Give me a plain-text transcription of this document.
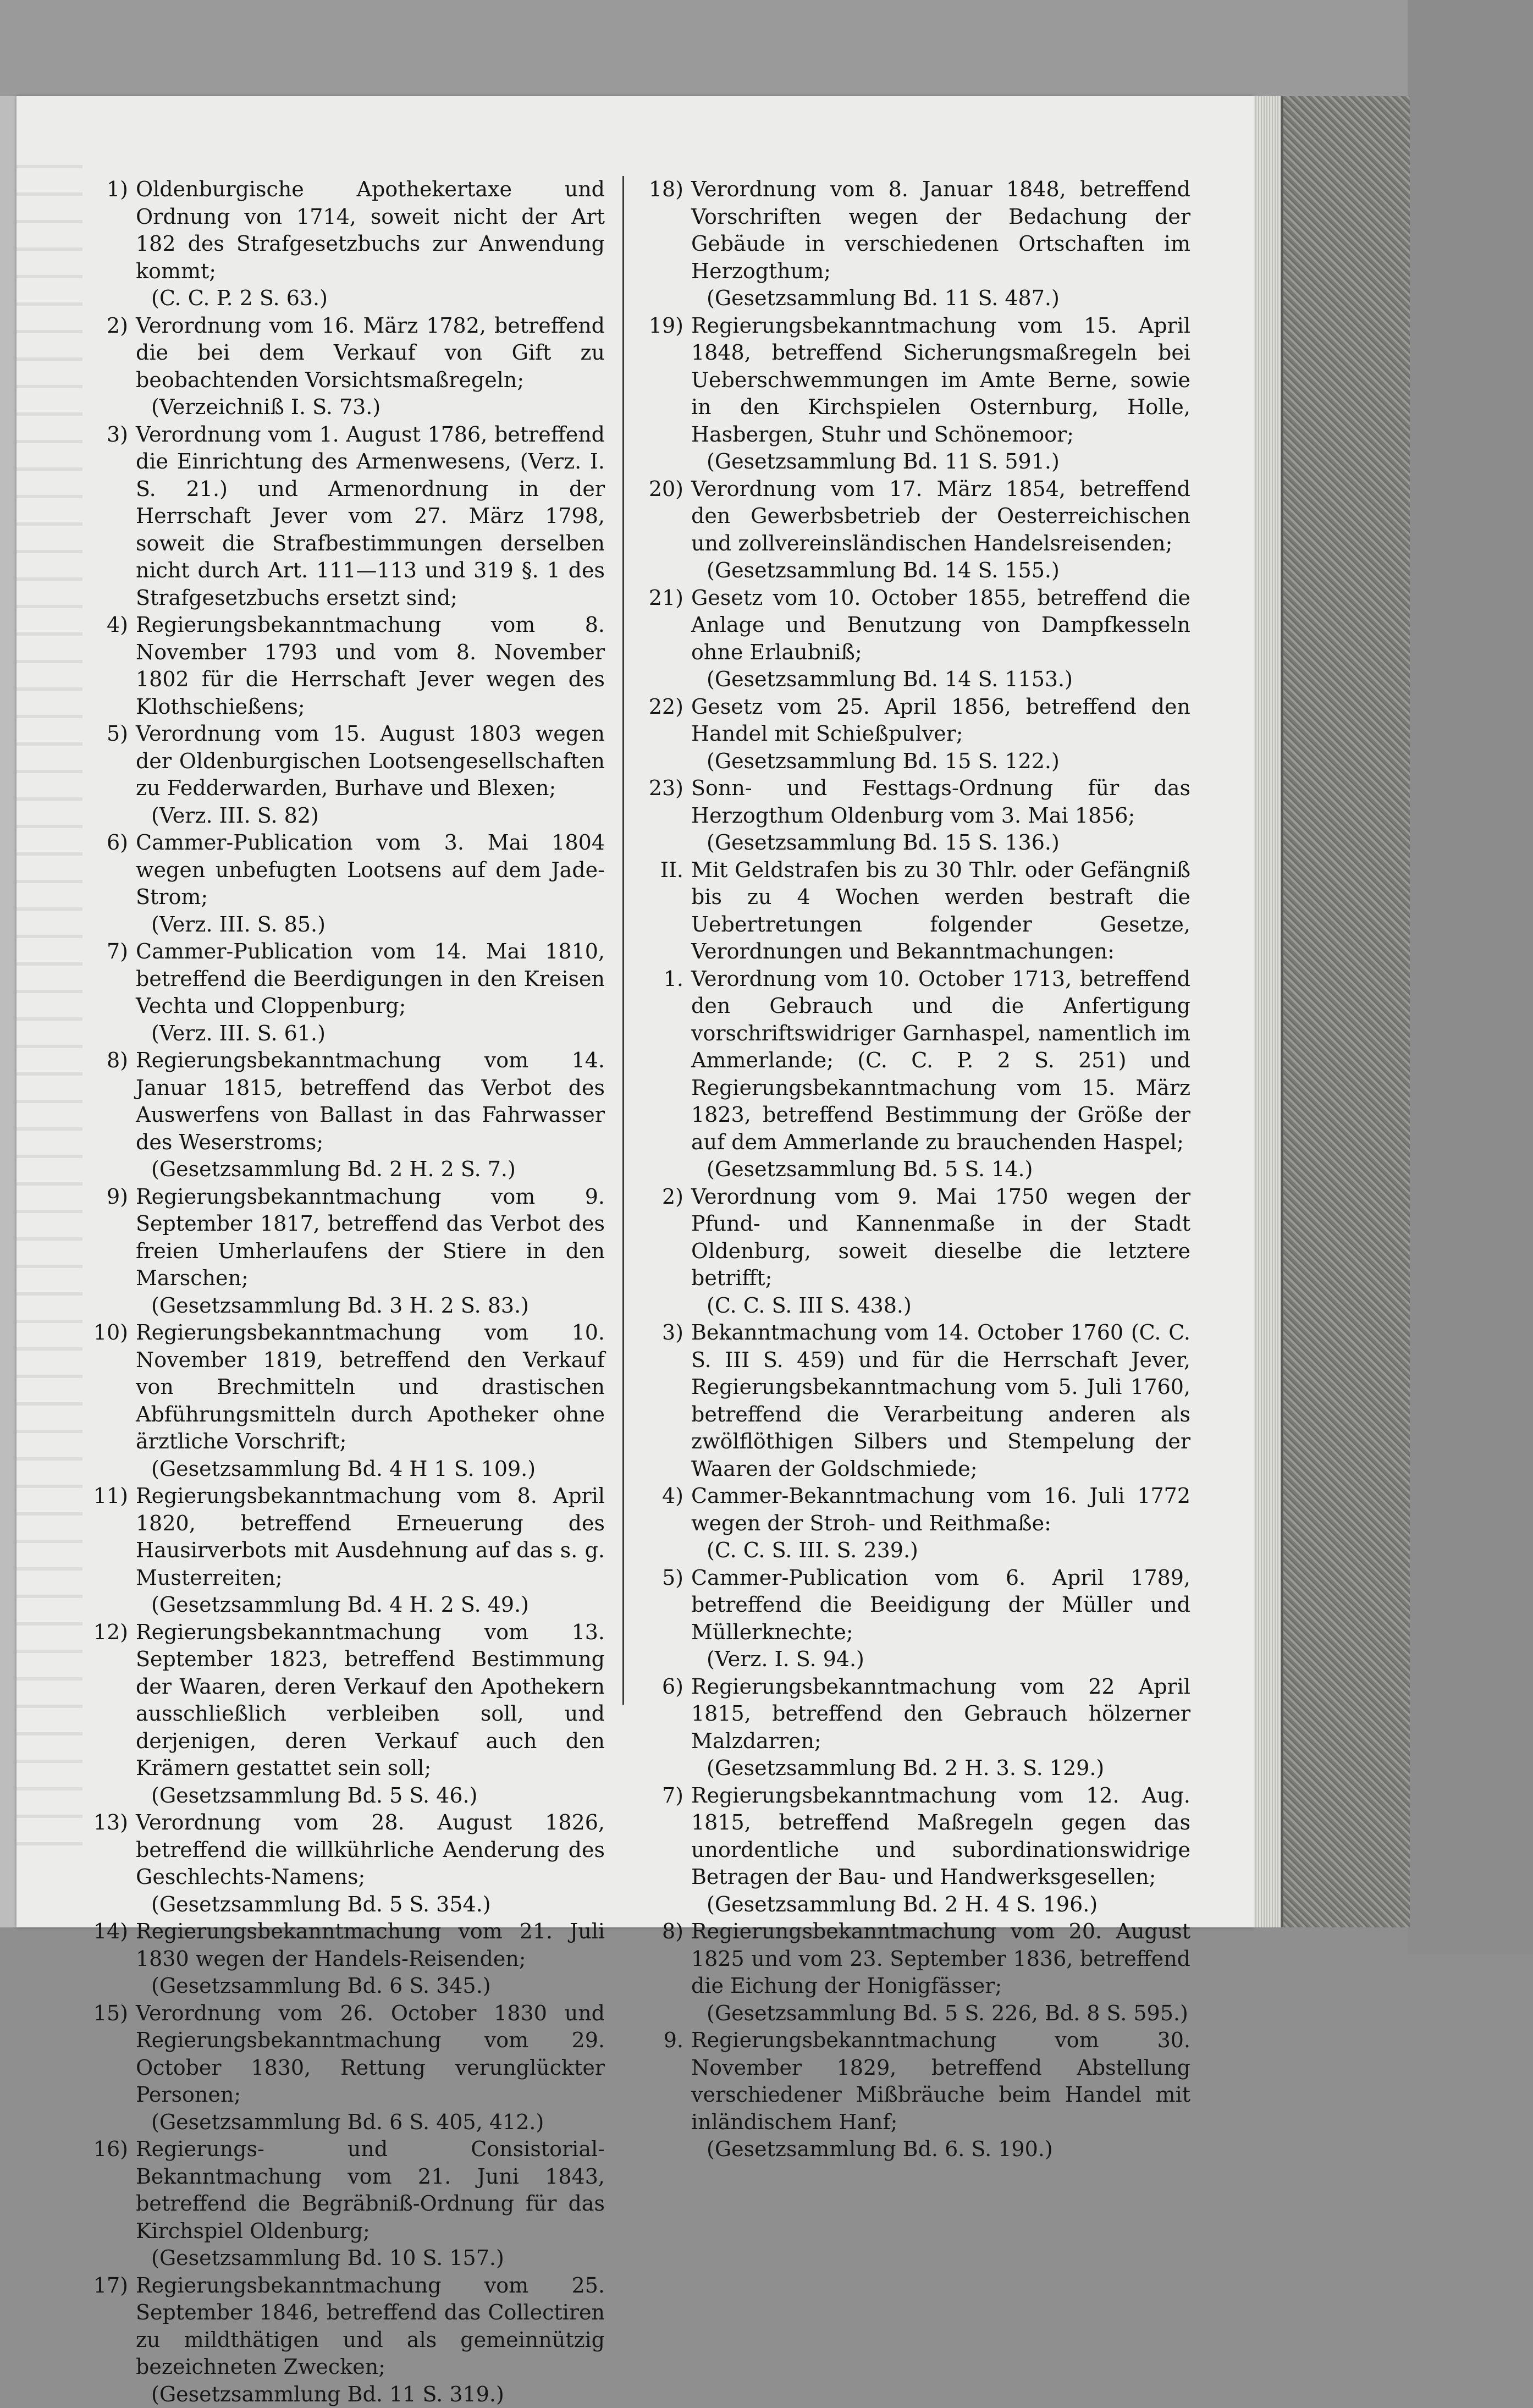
1) Oldenburgische Apothekertaxe und Ordnung von 1714, soweit nicht der Art 182 des Strafgesetzbuchs zur Anwendung kommt;
(C. C. P. 2 S. 63.)
2) Verordnung vom 16. März 1782, betreffend die bei dem Verkauf von Gift zu beobachtenden Vorsichtsmaßregeln;
(Verzeichniß I. S. 73.)
3) Verordnung vom 1. August 1786, betreffend die Einrichtung des Armenwesens, (Verz. I. S. 21.) und Armenordnung in der Herrschaft Jever vom 27. März 1798, soweit die Strafbestimmungen derselben nicht durch Art. 111—113 und 319 §. 1 des Strafgesetzbuchs ersetzt sind;
4) Regierungsbekanntmachung vom 8. November 1793 und vom 8. November 1802 für die Herrschaft Jever wegen des Klothschießens;
5) Verordnung vom 15. August 1803 wegen der Oldenburgischen Lootsengesellschaften zu Fedderwarden, Burhave und Blexen;
(Verz. III. S. 82)
6) Cammer-Publication vom 3. Mai 1804 wegen unbefugten Lootsens auf dem Jade-Strom;
(Verz. III. S. 85.)
7) Cammer-Publication vom 14. Mai 1810, betreffend die Beerdigungen in den Kreisen Vechta und Cloppenburg;
(Verz. III. S. 61.)
8) Regierungsbekanntmachung vom 14. Januar 1815, betreffend das Verbot des Auswerfens von Ballast in das Fahrwasser des Weserstroms;
(Gesetzsammlung Bd. 2 H. 2 S. 7.)
9) Regierungsbekanntmachung vom 9. September 1817, betreffend das Verbot des freien Umherlaufens der Stiere in den Marschen;
(Gesetzsammlung Bd. 3 H. 2 S. 83.)
10) Regierungsbekanntmachung vom 10. November 1819, betreffend den Verkauf von Brechmitteln und drastischen Abführungsmitteln durch Apotheker ohne ärztliche Vorschrift;
(Gesetzsammlung Bd. 4 H 1 S. 109.)
11) Regierungsbekanntmachung vom 8. April 1820, betreffend Erneuerung des Hausirverbots mit Ausdehnung auf das s. g. Musterreiten;
(Gesetzsammlung Bd. 4 H. 2 S. 49.)
12) Regierungsbekanntmachung vom 13. September 1823, betreffend Bestimmung der Waaren, deren Verkauf den Apothekern ausschließlich verbleiben soll, und derjenigen, deren Verkauf auch den Krämern gestattet sein soll;
(Gesetzsammlung Bd. 5 S. 46.)
13) Verordnung vom 28. August 1826, betreffend die willkührliche Aenderung des Geschlechts-Namens;
(Gesetzsammlung Bd. 5 S. 354.)
14) Regierungsbekanntmachung vom 21. Juli 1830 wegen der Handels-Reisenden;
(Gesetzsammlung Bd. 6 S. 345.)
15) Verordnung vom 26. October 1830 und Regierungsbekanntmachung vom 29. October 1830, Rettung verunglückter Personen;
(Gesetzsammlung Bd. 6 S. 405, 412.)
16) Regierungs- und Consistorial-Bekanntmachung vom 21. Juni 1843, betreffend die Begräbniß-Ordnung für das Kirchspiel Oldenburg;
(Gesetzsammlung Bd. 10 S. 157.)
17) Regierungsbekanntmachung vom 25. September 1846, betreffend das Collectiren zu mildthätigen und als gemeinnützig bezeichneten Zwecken;
(Gesetzsammlung Bd. 11 S. 319.)
18) Verordnung vom 8. Januar 1848, betreffend Vorschriften wegen der Bedachung der Gebäude in verschiedenen Ortschaften im Herzogthum;
(Gesetzsammlung Bd. 11 S. 487.)
19) Regierungsbekanntmachung vom 15. April 1848, betreffend Sicherungsmaßregeln bei Ueberschwemmungen im Amte Berne, sowie in den Kirchspielen Osternburg, Holle, Hasbergen, Stuhr und Schönemoor;
(Gesetzsammlung Bd. 11 S. 591.)
20) Verordnung vom 17. März 1854, betreffend den Gewerbsbetrieb der Oesterreichischen und zollvereinsländischen Handelsreisenden;
(Gesetzsammlung Bd. 14 S. 155.)
21) Gesetz vom 10. October 1855, betreffend die Anlage und Benutzung von Dampfkesseln ohne Erlaubniß;
(Gesetzsammlung Bd. 14 S. 1153.)
22) Gesetz vom 25. April 1856, betreffend den Handel mit Schießpulver;
(Gesetzsammlung Bd. 15 S. 122.)
23) Sonn- und Festtags-Ordnung für das Herzogthum Oldenburg vom 3. Mai 1856;
(Gesetzsammlung Bd. 15 S. 136.)
II. Mit Geldstrafen bis zu 30 Thlr. oder Gefängniß bis zu 4 Wochen werden bestraft die Uebertretungen folgender Gesetze, Verordnungen und Bekanntmachungen:
1. Verordnung vom 10. October 1713, betreffend den Gebrauch und die Anfertigung vorschriftswidriger Garnhaspel, namentlich im Ammerlande; (C. C. P. 2 S. 251) und Regierungsbekanntmachung vom 15. März 1823, betreffend Bestimmung der Größe der auf dem Ammerlande zu brauchenden Haspel;
(Gesetzsammlung Bd. 5 S. 14.)
2) Verordnung vom 9. Mai 1750 wegen der Pfund- und Kannenmaße in der Stadt Oldenburg, soweit dieselbe die letztere betrifft;
(C. C. S. III S. 438.)
3) Bekanntmachung vom 14. October 1760 (C. C. S. III S. 459) und für die Herrschaft Jever, Regierungsbekanntmachung vom 5. Juli 1760, betreffend die Verarbeitung anderen als zwölflöthigen Silbers und Stempelung der Waaren der Goldschmiede;
4) Cammer-Bekanntmachung vom 16. Juli 1772 wegen der Stroh- und Reithmaße:
(C. C. S. III. S. 239.)
5) Cammer-Publication vom 6. April 1789, betreffend die Beeidigung der Müller und Müllerknechte;
(Verz. I. S. 94.)
6) Regierungsbekanntmachung vom 22 April 1815, betreffend den Gebrauch hölzerner Malzdarren;
(Gesetzsammlung Bd. 2 H. 3. S. 129.)
7) Regierungsbekanntmachung vom 12. Aug. 1815, betreffend Maßregeln gegen das unordentliche und subordinationswidrige Betragen der Bau- und Handwerksgesellen;
(Gesetzsammlung Bd. 2 H. 4 S. 196.)
8) Regierungsbekanntmachung vom 20. August 1825 und vom 23. September 1836, betreffend die Eichung der Honigfässer;
(Gesetzsammlung Bd. 5 S. 226, Bd. 8 S. 595.)
9. Regierungsbekanntmachung vom 30. November 1829, betreffend Abstellung verschiedener Mißbräuche beim Handel mit inländischem Hanf;
(Gesetzsammlung Bd. 6. S. 190.)
